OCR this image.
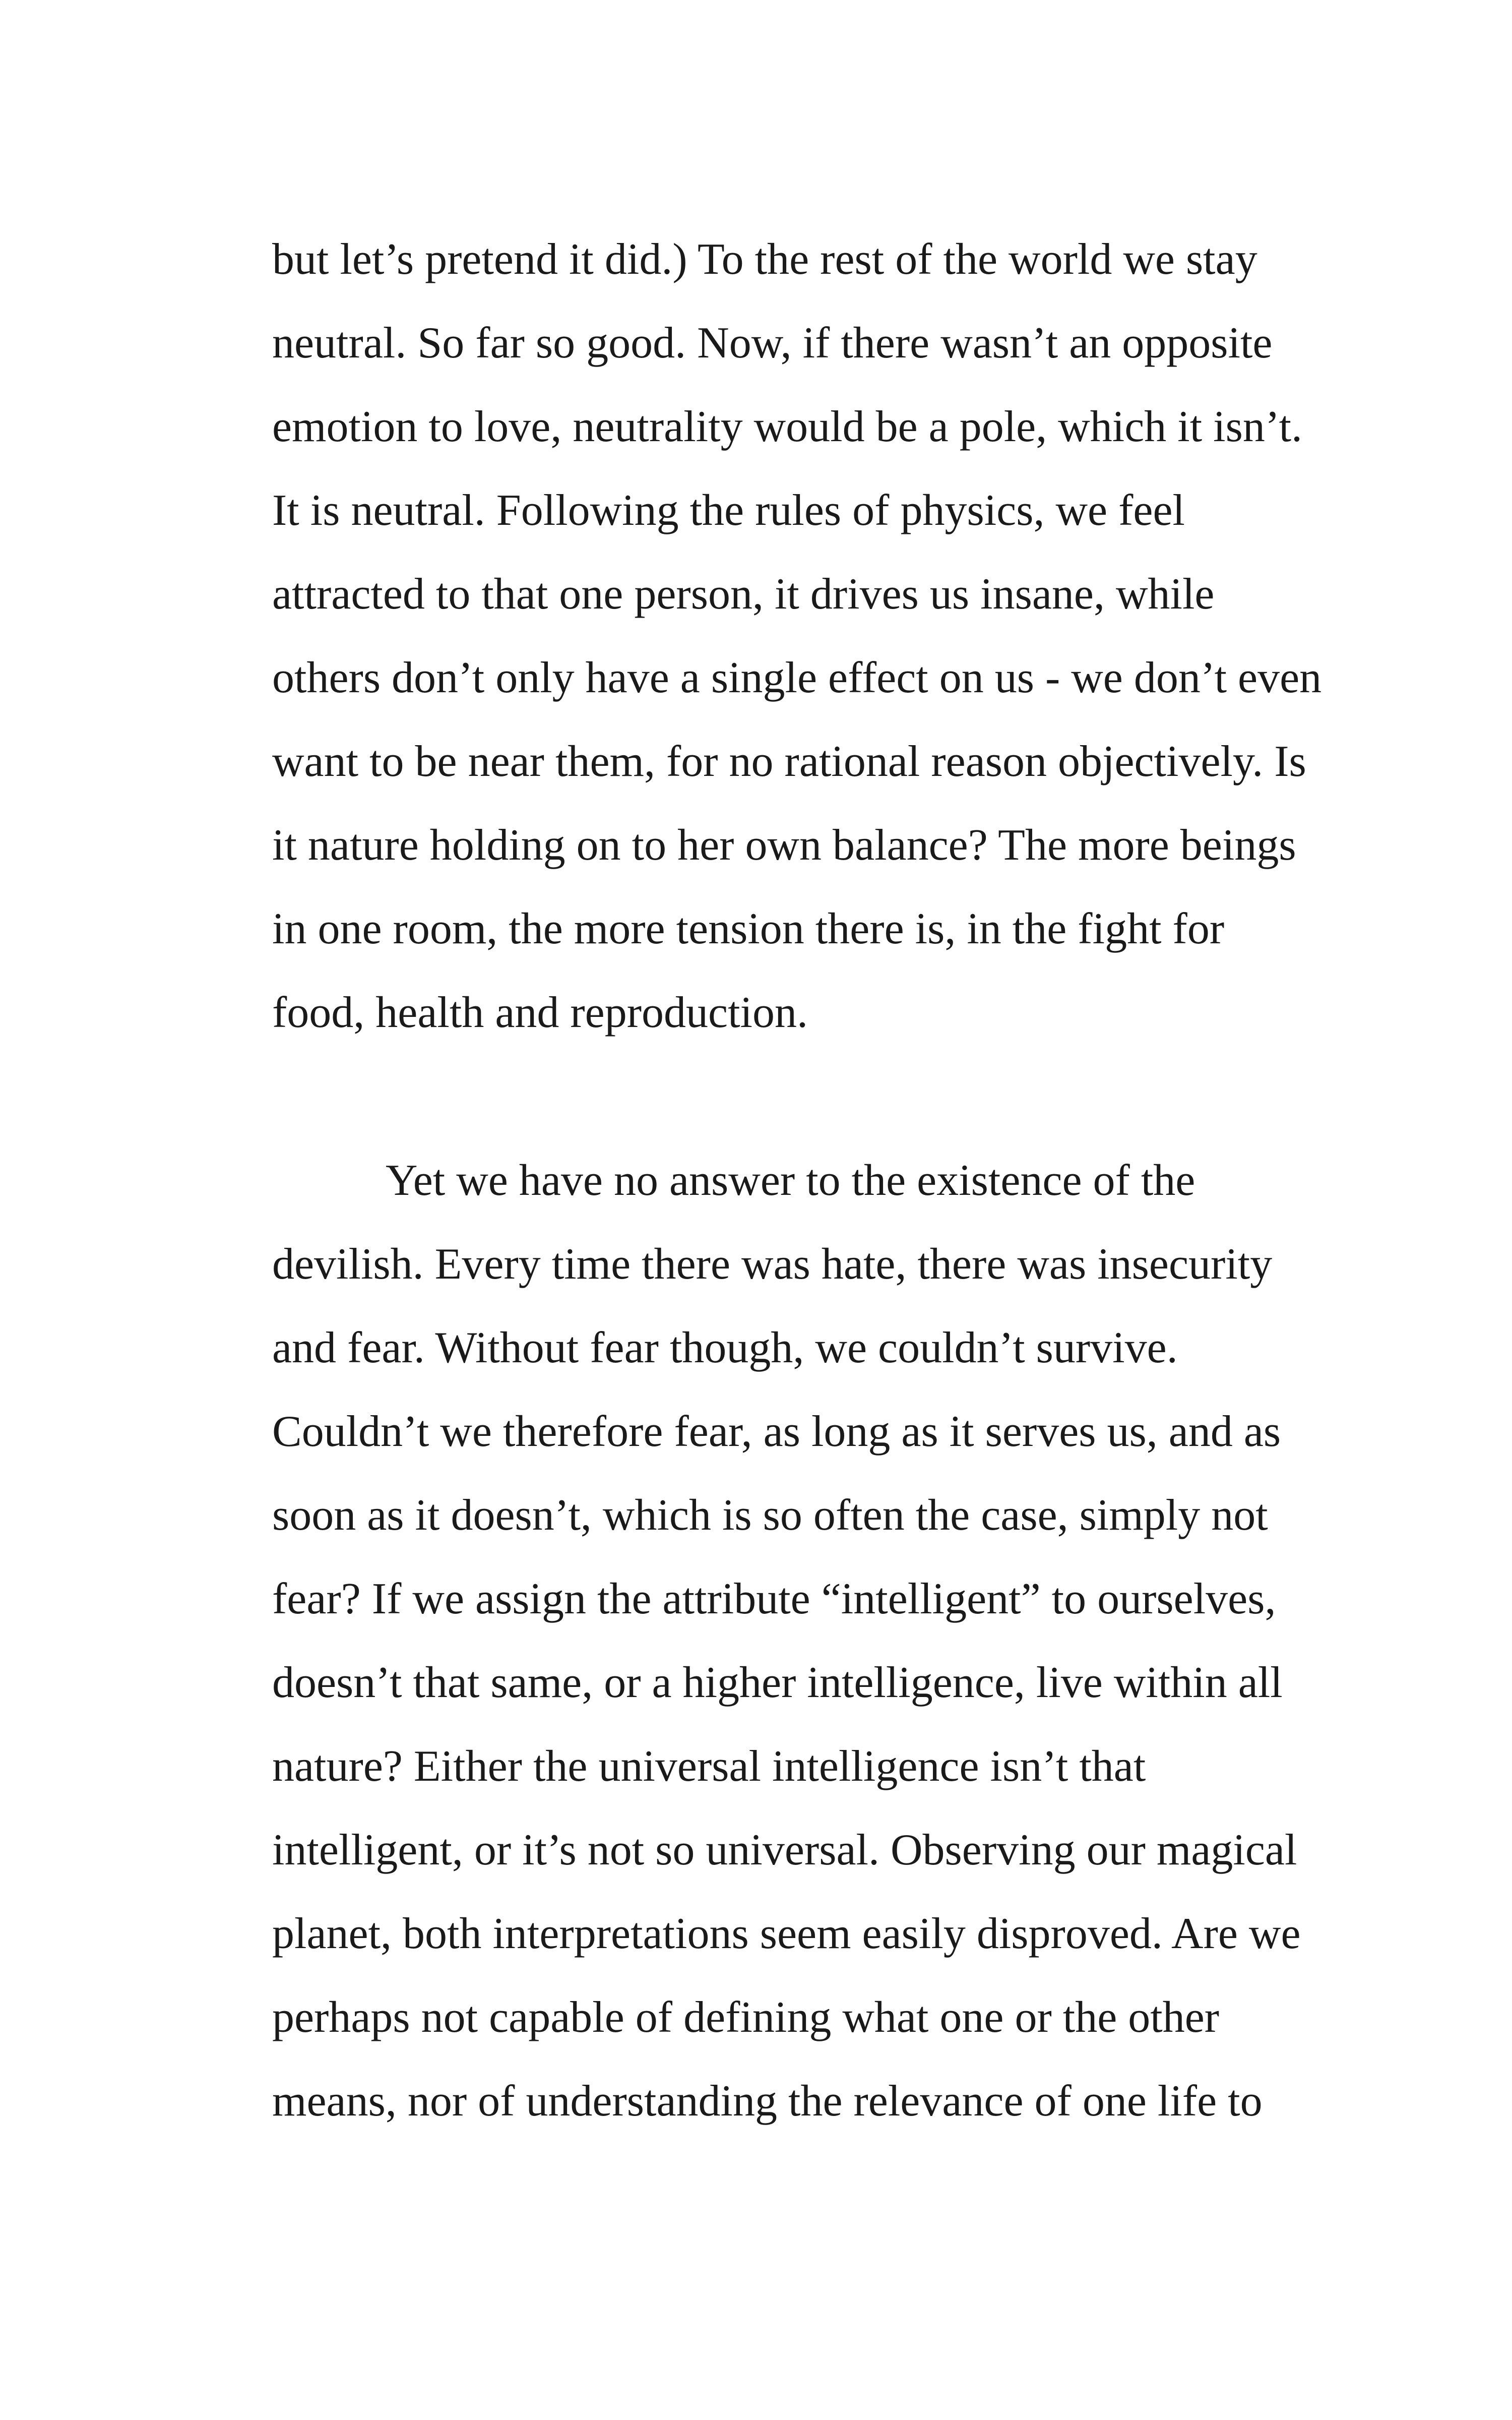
but let’s pretend it did.) To the rest of the world we stay
neutral. So far so good. Now, if there wasn’t an opposite
emotion to love, neutrality would be a pole, which it isn’t.
It is neutral. Following the rules of physics, we feel
attracted to that one person, it drives us insane, while
others don’t only have a single effect on us - we don’t even
want to be near them, for no rational reason objectively. Is
it nature holding on to her own balance? The more beings
in one room, the more tension there is, in the fight for
food, health and reproduction.
Yet we have no answer to the existence of the
devilish. Every time there was hate, there was insecurity
and fear. Without fear though, we couldn’t survive.
Couldn’t we therefore fear, as long as it serves us, and as
soon as it doesn’t, which is so often the case, simply not
fear? If we assign the attribute “intelligent” to ourselves,
doesn’t that same, or a higher intelligence, live within all
nature? Either the universal intelligence isn’t that
intelligent, or it’s not so universal. Observing our magical
planet, both interpretations seem easily disproved. Are we
perhaps not capable of defining what one or the other
means, nor of understanding the relevance of one life to
